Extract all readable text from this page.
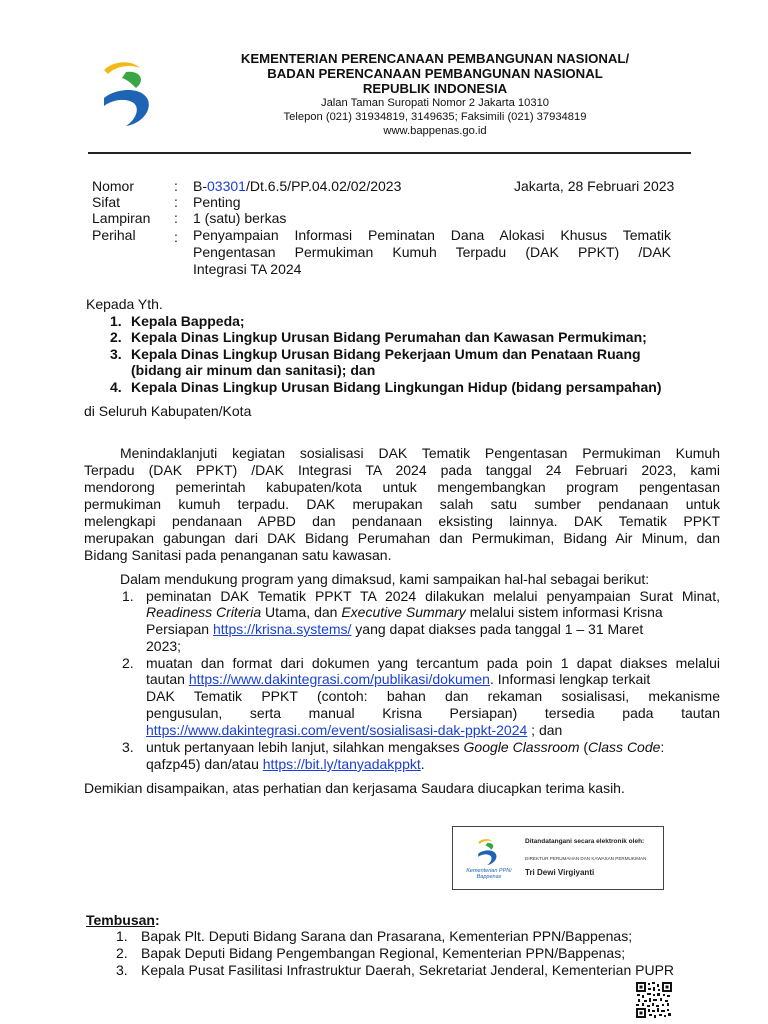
KEMENTERIAN PERENCANAAN PEMBANGUNAN NASIONAL/
BADAN PERENCANAAN PEMBANGUNAN NASIONAL
REPUBLIK INDONESIA
Jalan Taman Suropati Nomor 2 Jakarta 10310
Telepon (021) 31934819, 3149635; Faksimili (021) 37934819
www.bappenas.go.id
Nomor	: B-03301/Dt.6.5/PP.04.02/02/2023	Jakarta, 28 Februari 2023
Sifat	: Penting
Lampiran : 1 (satu) berkas
Perihal	: Penyampaian Informasi Peminatan Dana Alokasi Khusus Tematik
Pengentasan Permukiman Kumuh Terpadu (DAK PPKT) /DAK
Integrasi TA 2024
Kepada Yth.
1. Kepala Bappeda;
2. Kepala Dinas Lingkup Urusan Bidang Perumahan dan Kawasan Permukiman;
3. Kepala Dinas Lingkup Urusan Bidang Pekerjaan Umum dan Penataan Ruang
(bidang air minum dan sanitasi); dan
4. Kepala Dinas Lingkup Urusan Bidang Lingkungan Hidup (bidang persampahan)
di Seluruh Kabupaten/Kota
Menindaklanjuti kegiatan sosialisasi DAK Tematik Pengentasan Permukiman Kumuh
Terpadu (DAK PPKT) /DAK Integrasi TA 2024 pada tanggal 24 Februari 2023, kami
mendorong pemerintah kabupaten/kota untuk mengembangkan program pengentasan
permukiman kumuh terpadu. DAK merupakan salah satu sumber pendanaan untuk
melengkapi pendanaan APBD dan pendanaan eksisting lainnya. DAK Tematik PPKT
merupakan gabungan dari DAK Bidang Perumahan dan Permukiman, Bidang Air Minum, dan
Bidang Sanitasi pada penanganan satu kawasan.
Dalam mendukung program yang dimaksud, kami sampaikan hal-hal sebagai berikut:
1. peminatan DAK Tematik PPKT TA 2024 dilakukan melalui penyampaian Surat Minat,
Readiness Criteria Utama, dan Executive Summary melalui sistem informasi Krisna
Persiapan https://krisna.systems/ yang dapat diakses pada tanggal 1 – 31 Maret
2023;
2. muatan dan format dari dokumen yang tercantum pada poin 1 dapat diakses melalui
tautan https://www.dakintegrasi.com/publikasi/dokumen. Informasi lengkap terkait
DAK Tematik PPKT (contoh: bahan dan rekaman sosialisasi, mekanisme
pengusulan, serta manual Krisna Persiapan) tersedia pada tautan
https://www.dakintegrasi.com/event/sosialisasi-dak-ppkt-2024 ; dan
3. untuk pertanyaan lebih lanjut, silahkan mengakses Google Classroom (Class Code:
qafzp45) dan/atau https://bit.ly/tanyadakppkt.
Demikian disampaikan, atas perhatian dan kerjasama Saudara diucapkan terima kasih.
Kementerian PPN/
Bappenas
Ditandatangani secara elektronik oleh:
DIREKTUR PERUMAHAN DAN KAWASAN PERMUKIMAN
Tri Dewi Virgiyanti
Tembusan:
1. Bapak Plt. Deputi Bidang Sarana dan Prasarana, Kementerian PPN/Bappenas;
2. Bapak Deputi Bidang Pengembangan Regional, Kementerian PPN/Bappenas;
3. Kepala Pusat Fasilitasi Infrastruktur Daerah, Sekretariat Jenderal, Kementerian PUPR
